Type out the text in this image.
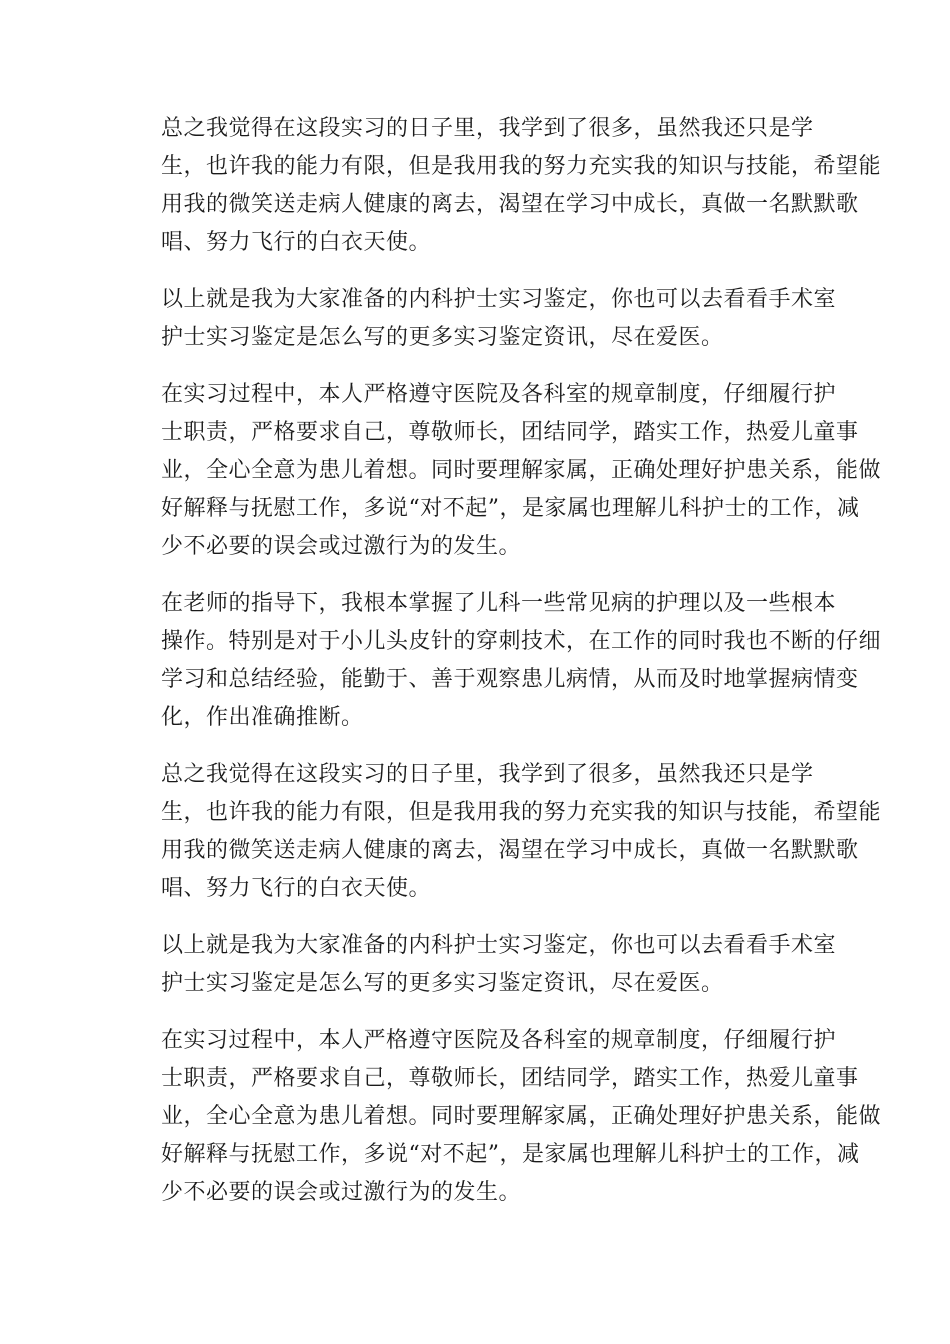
总之我觉得在这段实习的日子里，我学到了很多，虽然我还只是学
生，也许我的能力有限，但是我用我的努力充实我的知识与技能，希望能
用我的微笑送走病人健康的离去，渴望在学习中成长，真做一名默默歌
唱、努力飞行的白衣天使。

以上就是我为大家准备的内科护士实习鉴定，你也可以去看看手术室
护士实习鉴定是怎么写的更多实习鉴定资讯，尽在爱医。

在实习过程中，本人严格遵守医院及各科室的规章制度，仔细履行护
士职责，严格要求自己，尊敬师长，团结同学，踏实工作，热爱儿童事
业，全心全意为患儿着想。同时要理解家属，正确处理好护患关系，能做
好解释与抚慰工作，多说“对不起”，是家属也理解儿科护士的工作，减
少不必要的误会或过激行为的发生。

在老师的指导下，我根本掌握了儿科一些常见病的护理以及一些根本
操作。特别是对于小儿头皮针的穿刺技术，在工作的同时我也不断的仔细
学习和总结经验，能勤于、善于观察患儿病情，从而及时地掌握病情变
化，作出准确推断。

总之我觉得在这段实习的日子里，我学到了很多，虽然我还只是学
生，也许我的能力有限，但是我用我的努力充实我的知识与技能，希望能
用我的微笑送走病人健康的离去，渴望在学习中成长，真做一名默默歌
唱、努力飞行的白衣天使。

以上就是我为大家准备的内科护士实习鉴定，你也可以去看看手术室
护士实习鉴定是怎么写的更多实习鉴定资讯，尽在爱医。

在实习过程中，本人严格遵守医院及各科室的规章制度，仔细履行护
士职责，严格要求自己，尊敬师长，团结同学，踏实工作，热爱儿童事
业，全心全意为患儿着想。同时要理解家属，正确处理好护患关系，能做
好解释与抚慰工作，多说“对不起”，是家属也理解儿科护士的工作，减
少不必要的误会或过激行为的发生。
